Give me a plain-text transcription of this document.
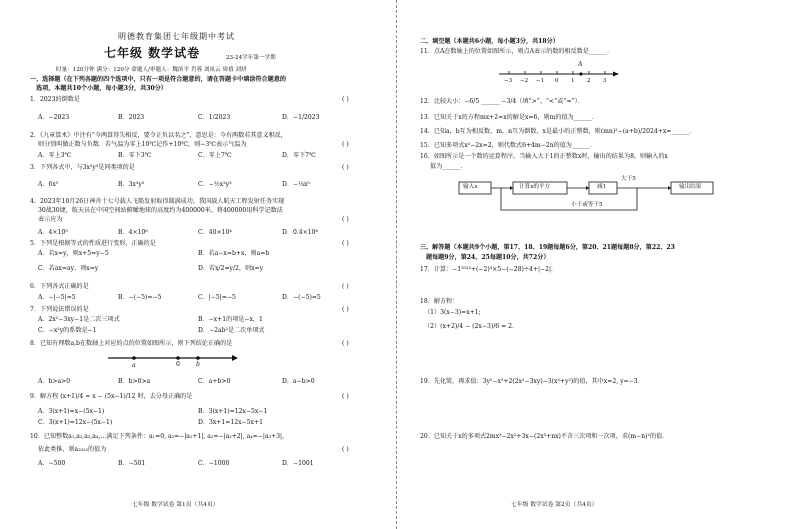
明德教育集团七年级期中考试
七年级 数学试卷	23-24学年第一学期
时量：120分钟 满分：120分 命题人/审题人：魏滨平 肖蓉 刘凤云 周禧 刘妍
一、选择题（在下列各题的四个选项中，只有一项是符合题意的，请在答题卡中填涂符合题意的
选项，本题共10个小题，每小题3分，共30分）
1．2023的倒数是	( )
A．−2023	B．2023	C．1/2023	D．−1/2023
2．《九章算术》中注有“今两算得失相反，要令正负以名之”，意思是：今有两数若其意义相反，
则分别叫做正数与负数．若气温为零上10℃记作+10℃，则−3℃表示气温为	( )
A．零上3℃	B．零下3℃	C．零上7℃	D．零下7℃
3．下列各式中，与3x²y³是同类项的是	( )
A．6x⁵	B．3x³y²	C．−½x²y³	D．−¼x⁵
4．2023年10月26日神舟十七号载人飞船发射取得圆满成功，我国载人航天工程发射任务实现
30战30捷，航天员在中国空间站俯瞰地球的高度约为400000米，将400000用科学记数法
表示应为	( )
A．4×10⁵	B．4×10⁶	C．40×10⁴	D．0.4×10⁶
5．下列是根据等式的性质进行变形，正确的是	( )
A．若x=y，则x+5=y−5	B．若a−x=b+x，则a=b
C．若ax=ay，则x=y	D．若x/2=y/2，则x=y
6．下列各式正确的是	( )
A．−|−5|=5	B．−(−5)=−5	C．|−5|=−5	D．−(−5)=5
7．下列说法错误的是	( )
A．2x²−3xy−1是二次三项式	B．−x+1的项是−x，1
C．−x²y的系数是−1	D．−2ab²是二次单项式
8．已知有理数a,b在数轴上对应的点的位置如图所示，则下列结论正确的是	( )
a	0	b
A．b>a>0	B．b>0>a	C．a+b>0	D．a−b>0
9．解方程 (x+1)/4 = x − (5x−1)/12 时，去分母正确的是	( )
A．3(x+1)=x−(5x−1)	B．3(x+1)=12x−5x−1
C．3(x+1)=12x−(5x−1)	D．3x+1=12x−5x+1
10．已知整数a₁,a₂,a₃,a₄,…满足下列条件：a₁=0, a₂=−|a₁+1|, a₃=−|a₂+2|, a₄=−|a₃+3|,
依此类推，则a₂₀₂₃的值为	( )
A．−500	B．−501	C．−1000	D．−1001
七年级 数学试卷 第1页（共4页）
二、填空题（本题共6小题，每小题3分，共18分）
11．点A在数轴上的位置如图所示，则点A表示的数的相反数是______．
A
−3 −2 −1 0 1 2 3
12．比较大小：−6/5 ______ −3/4（填“>”、“<”或“=”）．
13．已知关于x的方程mx+2=x的解是x=6，则m的值为______．
14．已知a，b互为相反数，m，n互为倒数，x是最小的正整数，则(mn)²−(a+b)/2024+x=______．
15．已知多项式x²−2x=2，则代数式6+4m−2n的值为______．
16．如图所示是一个数的运算程序，当输入大于1的正整数x时，输出的结果为8，则输入的x
值为______．
输入x	计算x的平方	减1
大于5
输出结果
小于或等于5
三、解答题（本题共9个小题，第17、18、19题每题6分，第20、21题每题8分，第22、23
题每题9分，第24、25每题10分，共72分）
17．计算：−1²⁰²³+(−2)³×5−(−28)÷4+|−2|．
18．解方程：
（1）3(x−3)=x+1;
（2）(x+2)/4 − (2x−3)/6 = 2．
19．先化简，再求值：3y²−x²+2(2x²−3xy)−3(x²+y²)的值，其中x=2, y=−3．
20．已知关于x的多项式2mx³−2x²+3x−(2x³+nx)不含三次项和一次项，求(m−n)²的值．
七年级 数学试卷 第2页（共4页）
